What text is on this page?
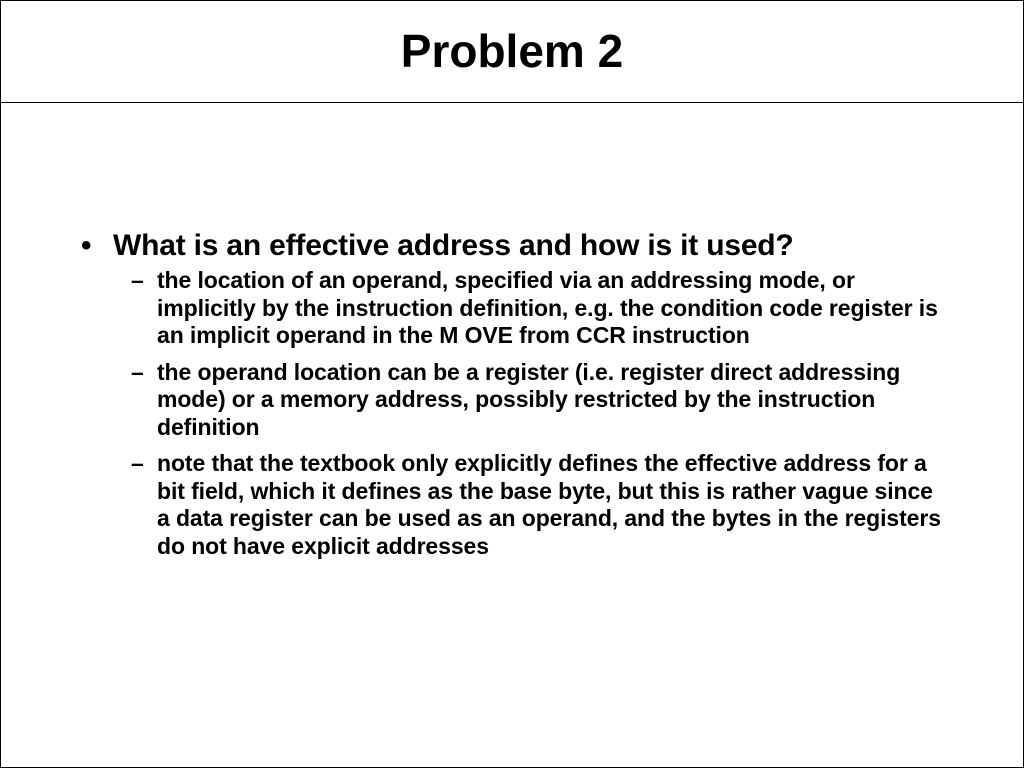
Problem 2
• What is an effective address and how is it used?
– the location of an operand, specified via an addressing mode, or implicitly by the instruction definition, e.g. the condition code register is an implicit operand in the M OVE from CCR instruction
– the operand location can be a register (i.e. register direct addressing mode) or a memory address, possibly restricted by the instruction definition
– note that the textbook only explicitly defines the effective address for a bit field, which it defines as the base byte, but this is rather vague since a data register can be used as an operand, and the bytes in the registers do not have explicit addresses
